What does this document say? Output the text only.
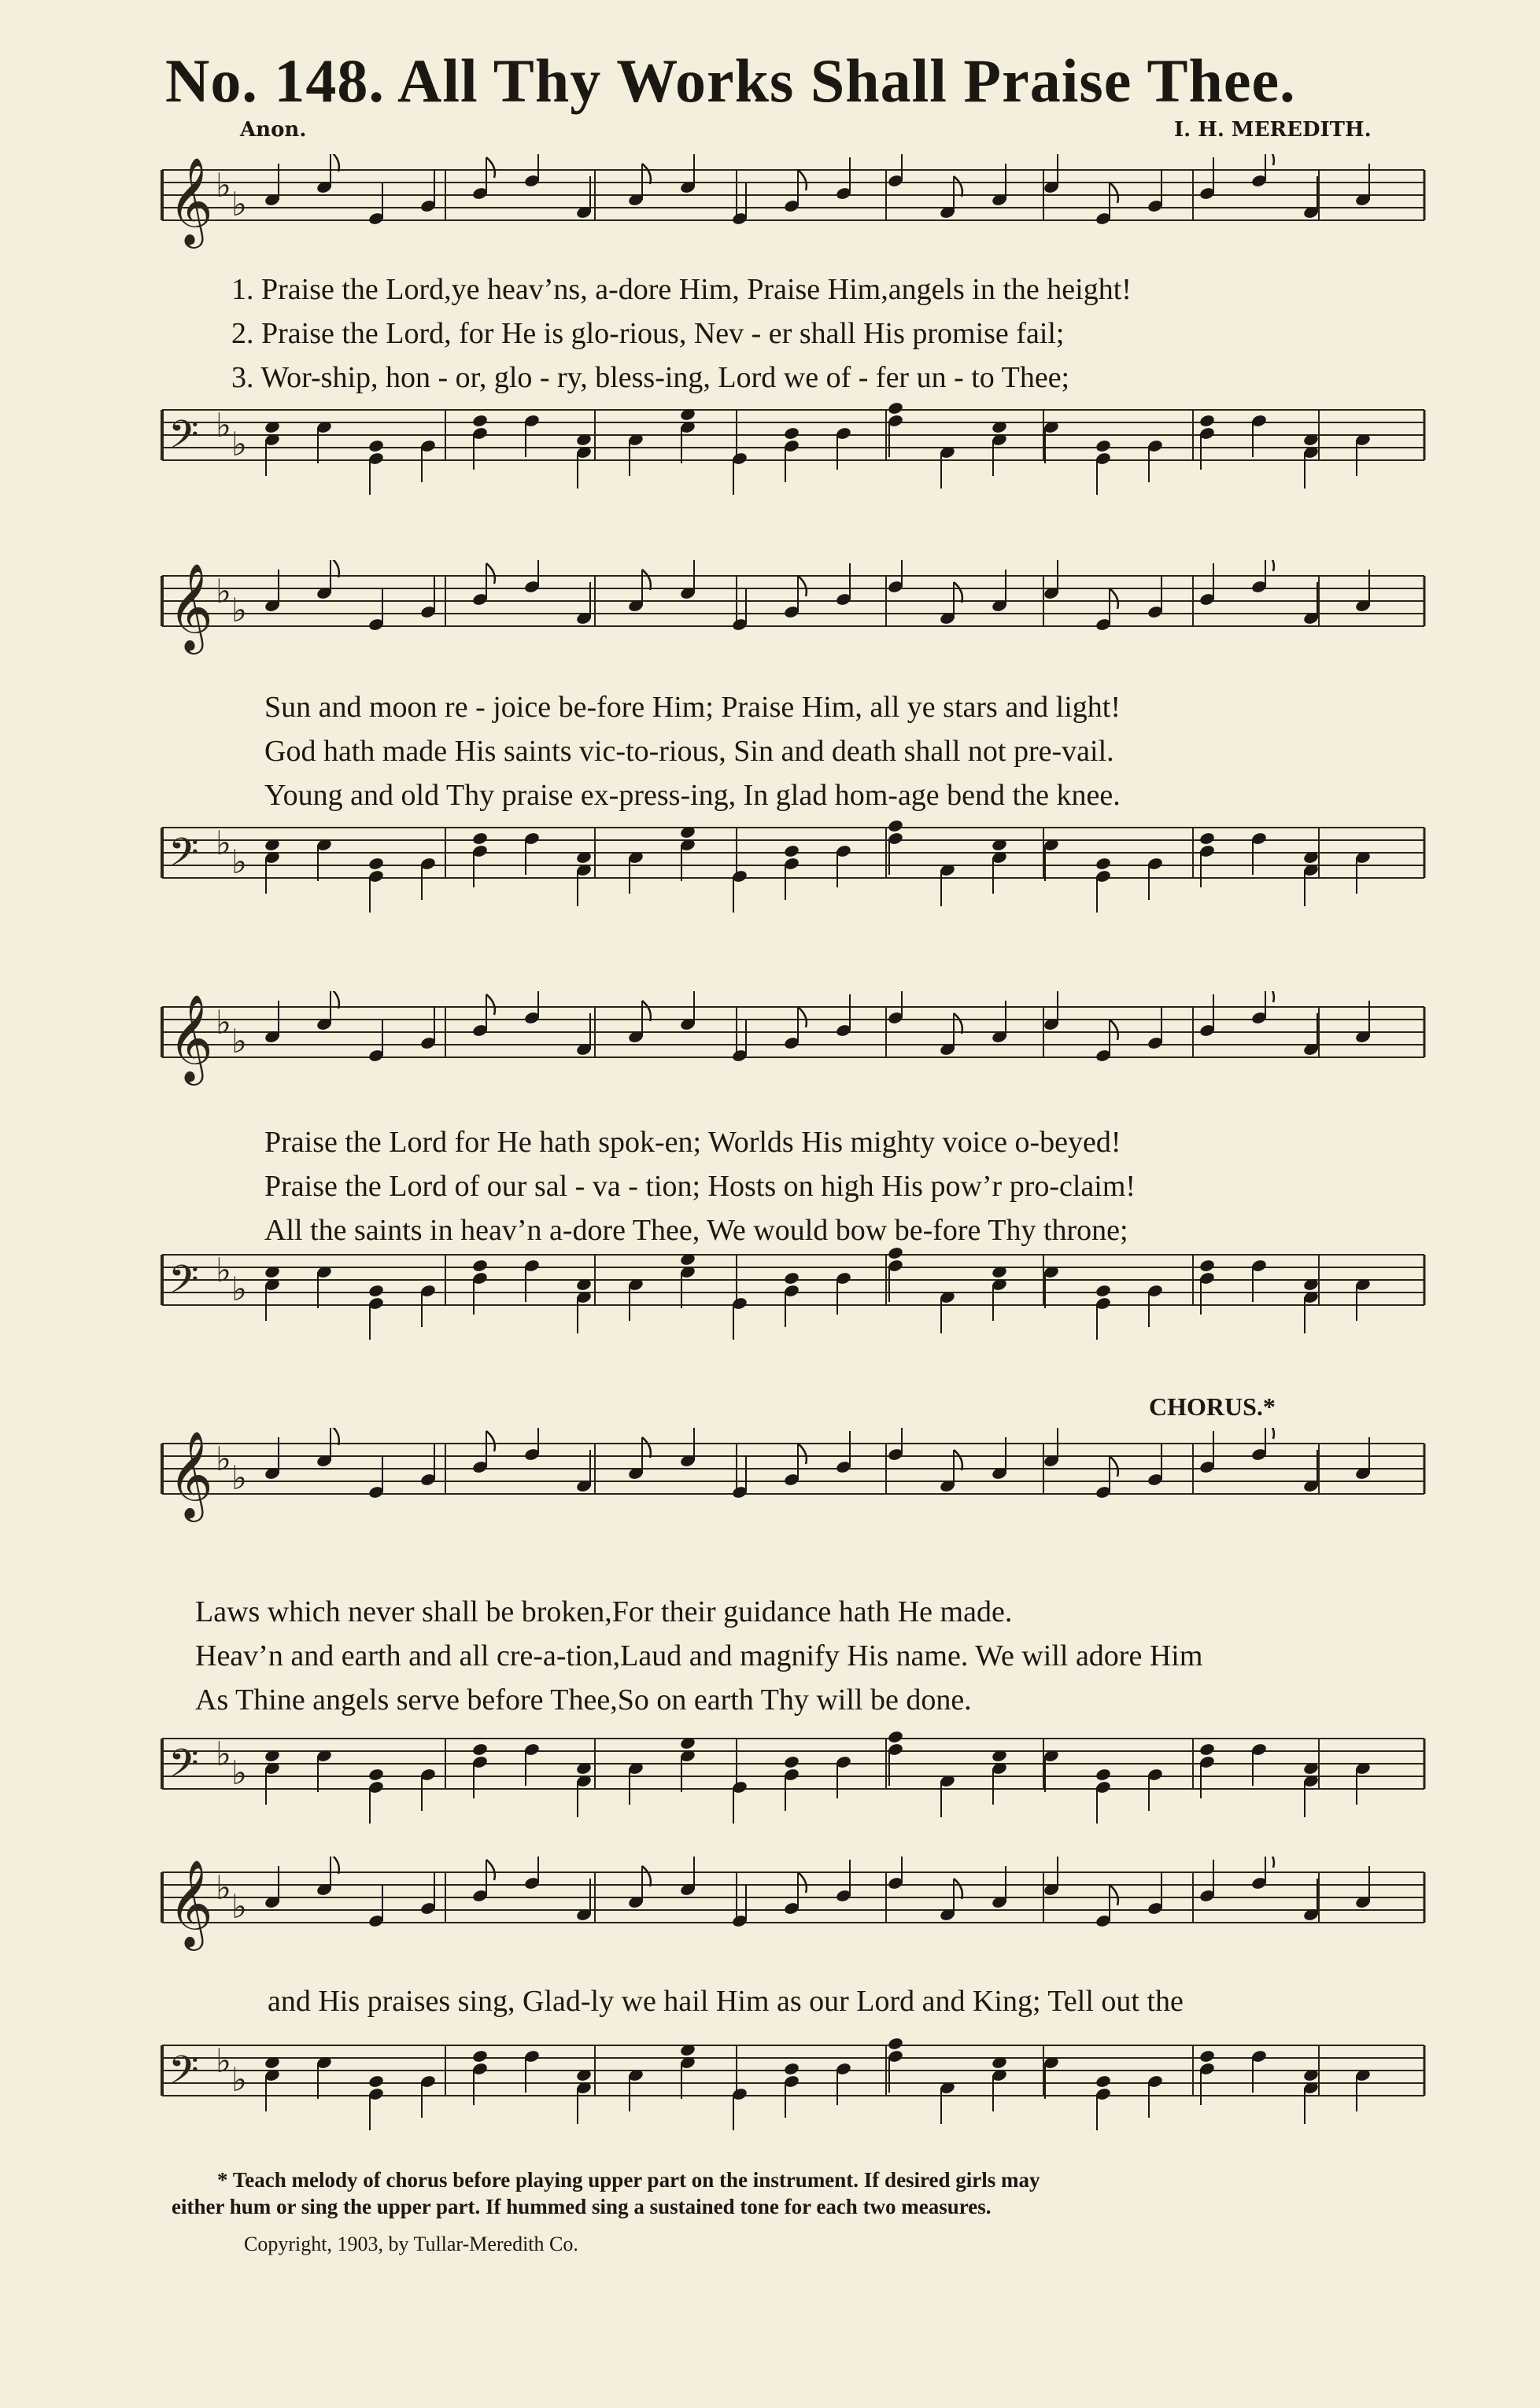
No. 148. All Thy Works Shall Praise Thee.
Anon.	I. H. MEREDITH.
𝄞 ♭ ♭
1. Praise the Lord,ye heav’ns, a-dore Him, Praise Him,angels in the height!
2. Praise the Lord, for He is glo-rious, Nev - er shall His promise fail;
3. Wor-ship, hon - or, glo - ry, bless-ing, Lord we of - fer un - to Thee;
𝄢 ♭ ♭
𝄞 ♭ ♭
Sun and moon re - joice be-fore Him; Praise Him, all ye stars and light!
God hath made His saints vic-to-rious, Sin and death shall not pre-vail.
Young and old Thy praise ex-press-ing, In glad hom-age bend the knee.
𝄢 ♭ ♭
𝄞 ♭ ♭
Praise the Lord for He hath spok-en; Worlds His mighty voice o-beyed!
Praise the Lord of our sal - va - tion; Hosts on high His pow’r pro-claim!
All the saints in heav’n a-dore Thee, We would bow be-fore Thy throne;
𝄢 ♭ ♭
CHORUS.*
𝄞 ♭ ♭
Laws which never shall be broken,For their guidance hath He made.
Heav’n and earth and all cre-a-tion,Laud and magnify His name. We will adore Him
As Thine angels serve before Thee,So on earth Thy will be done.
𝄢 ♭ ♭
𝄞 ♭ ♭
and His praises sing, Glad-ly we hail Him as our Lord and King; Tell out the
𝄢 ♭ ♭
* Teach melody of chorus before playing upper part on the instrument. If desired girls may
either hum or sing the upper part. If hummed sing a sustained tone for each two measures.
Copyright, 1903, by Tullar-Meredith Co.
